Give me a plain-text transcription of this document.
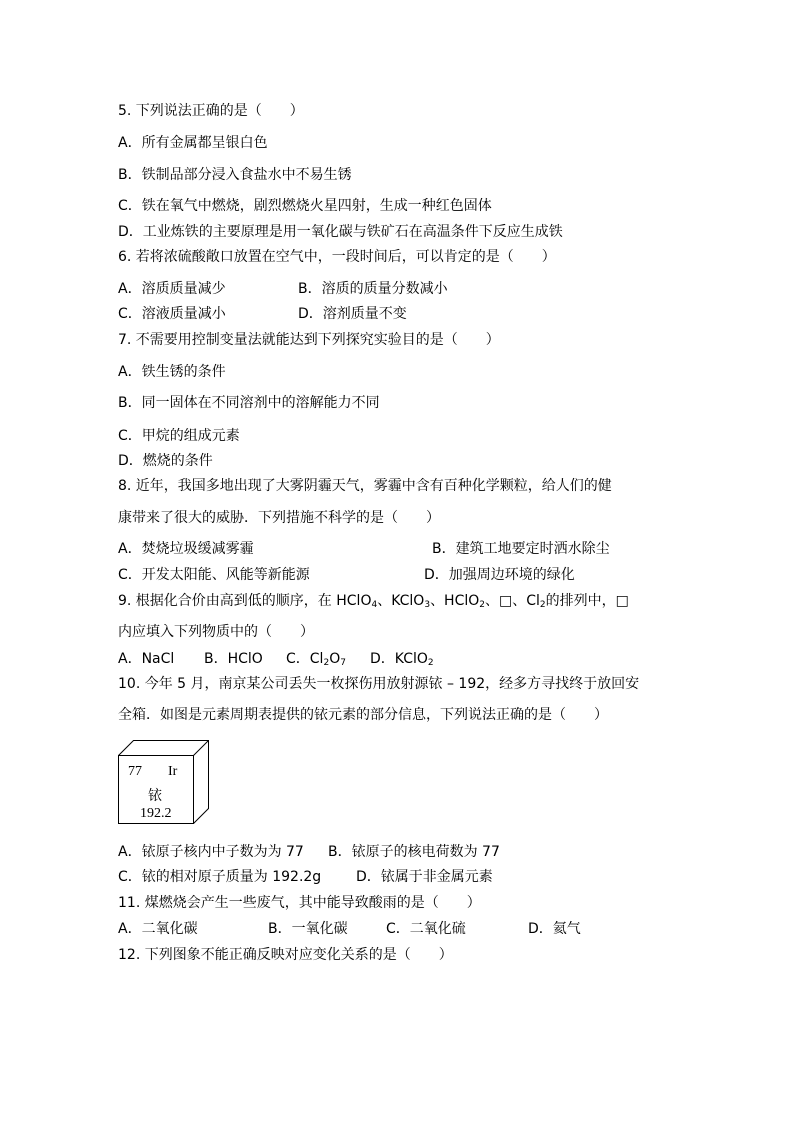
5. 下列说法正确的是（　　）
A．所有金属都呈银白色
B．铁制品部分浸入食盐水中不易生锈
C．铁在氧气中燃烧，剧烈燃烧火星四射，生成一种红色固体
D．工业炼铁的主要原理是用一氧化碳与铁矿石在高温条件下反应生成铁
6. 若将浓硫酸敞口放置在空气中，一段时间后，可以肯定的是（　　）
A．溶质质量减少	B．溶质的质量分数减小
C．溶液质量减小	D．溶剂质量不变
7. 不需要用控制变量法就能达到下列探究实验目的是（　　）
A．铁生锈的条件
B．同一固体在不同溶剂中的溶解能力不同
C．甲烷的组成元素
D．燃烧的条件
8. 近年，我国多地出现了大雾阴霾天气，雾霾中含有百种化学颗粒，给人们的健
康带来了很大的威胁．下列措施不科学的是（　　）
A．焚烧垃圾缓减雾霾	B．建筑工地要定时洒水除尘
C．开发太阳能、风能等新能源	D．加强周边环境的绿化
9. 根据化合价由高到低的顺序，在 HClO$_4$、KClO$_3$、HClO$_2$、□、$Cl_2$的排列中，□
内应填入下列物质中的（　　）
A．NaCl B．HClO C．$Cl_2O_7$ D．KClO$_2$
10. 今年 5 月，南京某公司丢失一枚探伤用放射源铱 – 192，经多方寻找终于放回安
全箱．如图是元素周期表提供的铱元素的部分信息，下列说法正确的是（　　）
77 Ir
铱
192.2
A．铱原子核内中子数为为 77 B．铱原子的核电荷数为 77
C．铱的相对原子质量为 192.2g D．铱属于非金属元素
11. 煤燃烧会产生一些废气，其中能导致酸雨的是（　　）
A．二氧化碳	B．一氧化碳	C．二氧化硫	D．氦气
12. 下列图象不能正确反映对应变化关系的是（　　）
